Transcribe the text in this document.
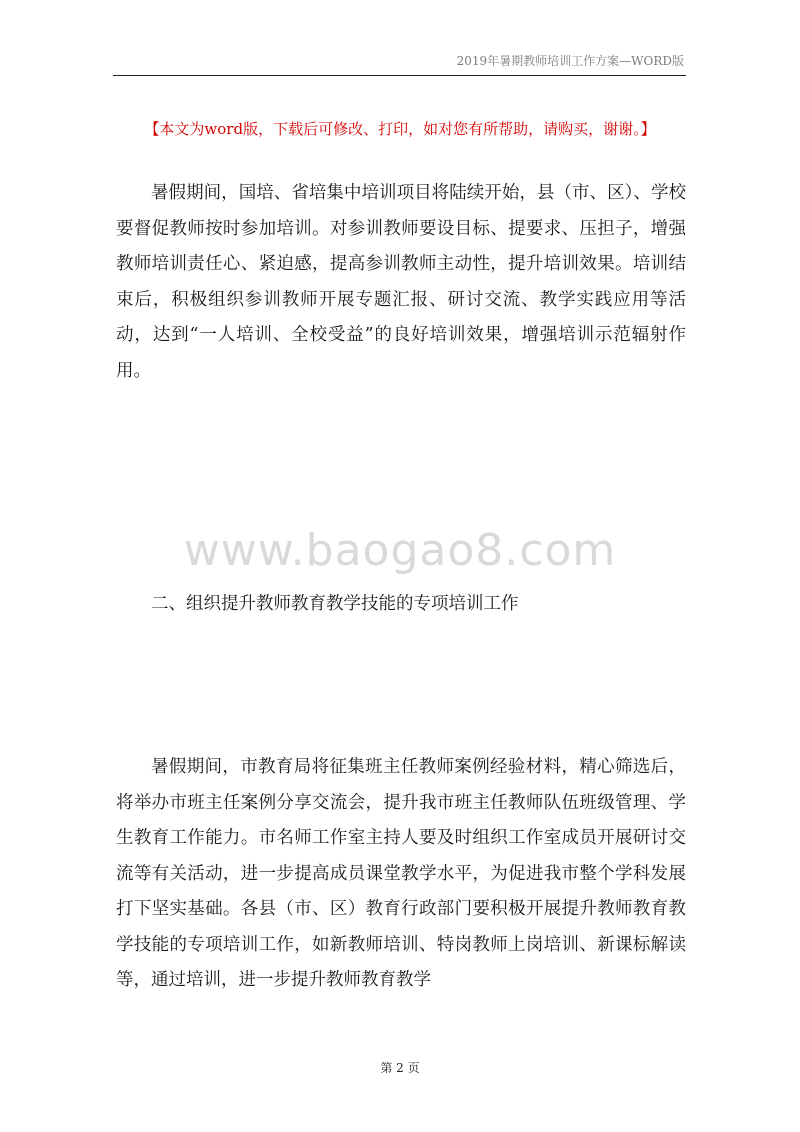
2019年暑期教师培训工作方案—WORD版
【本文为word版，下载后可修改、打印，如对您有所帮助，请购买，谢谢。】
暑假期间，国培、省培集中培训项目将陆续开始，县（市、区）、学校要督促教师按时参加培训。对参训教师要设目标、提要求、压担子，增强教师培训责任心、紧迫感，提高参训教师主动性，提升培训效果。培训结束后，积极组织参训教师开展专题汇报、研讨交流、教学实践应用等活动，达到“一人培训、全校受益”的良好培训效果，增强培训示范辐射作用。
www.baogao8.com
二、组织提升教师教育教学技能的专项培训工作
暑假期间，市教育局将征集班主任教师案例经验材料，精心筛选后，将举办市班主任案例分享交流会，提升我市班主任教师队伍班级管理、学生教育工作能力。市名师工作室主持人要及时组织工作室成员开展研讨交流等有关活动，进一步提高成员课堂教学水平，为促进我市整个学科发展打下坚实基础。各县（市、区）教育行政部门要积极开展提升教师教育教学技能的专项培训工作，如新教师培训、特岗教师上岗培训、新课标解读等，通过培训，进一步提升教师教育教学
第 2 页
